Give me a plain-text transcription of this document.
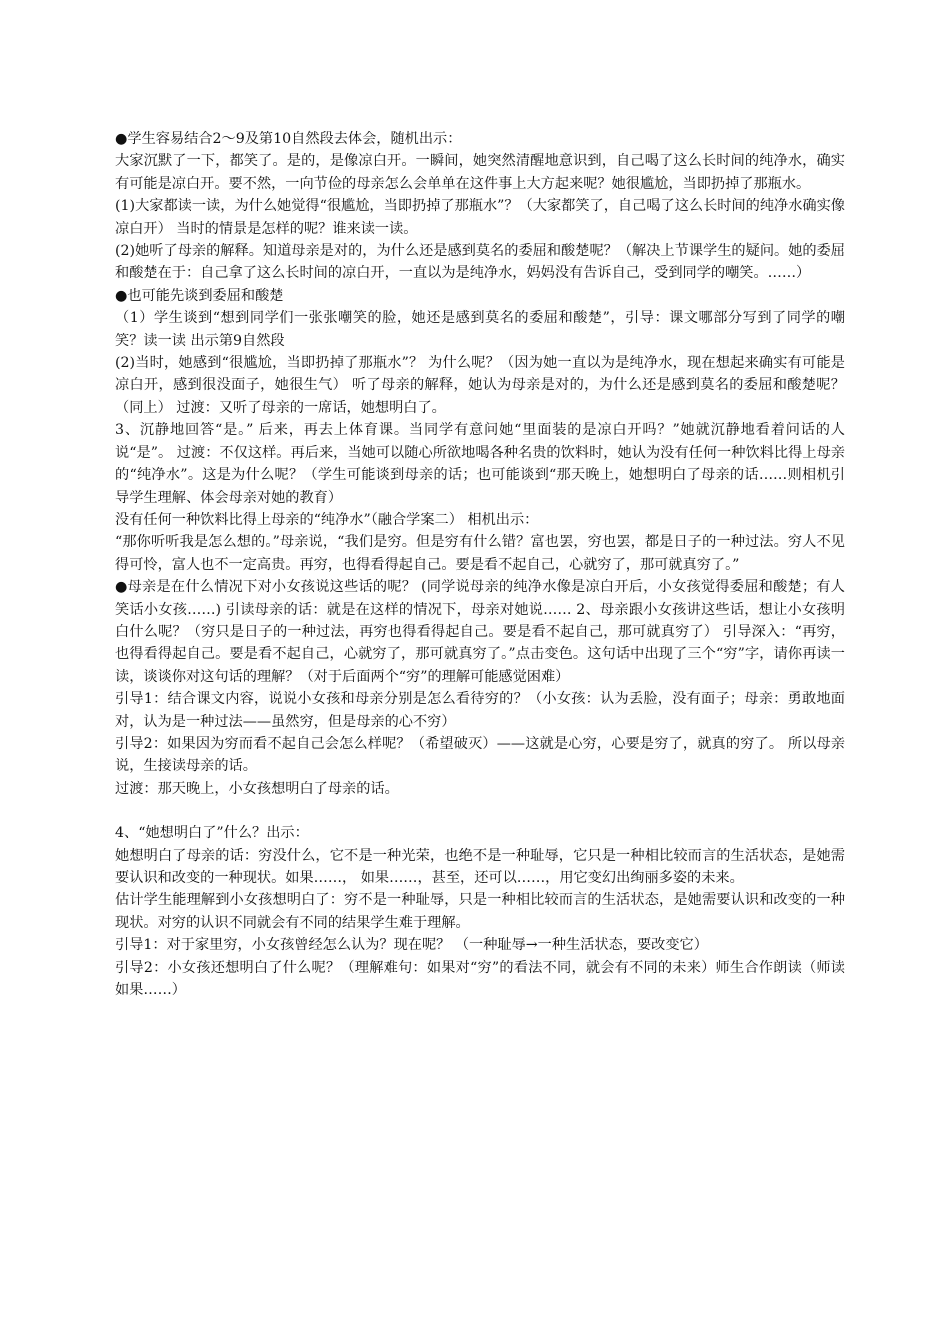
●学生容易结合2～9及第10自然段去体会，随机出示：

大家沉默了一下，都笑了。是的，是像凉白开。一瞬间，她突然清醒地意识到，自己喝了这么长时间的纯净水，确实有可能是凉白开。要不然，一向节俭的母亲怎么会单单在这件事上大方起来呢？她很尴尬，当即扔掉了那瓶水。

(1)大家都读一读，为什么她觉得“很尴尬，当即扔掉了那瓶水”？（大家都笑了，自己喝了这么长时间的纯净水确实像凉白开） 当时的情景是怎样的呢？谁来读一读。

(2)她听了母亲的解释。知道母亲是对的，为什么还是感到莫名的委屈和酸楚呢？（解决上节课学生的疑问。她的委屈和酸楚在于：自己拿了这么长时间的凉白开，一直以为是纯净水，妈妈没有告诉自己，受到同学的嘲笑。……）

●也可能先谈到委屈和酸楚

（1）学生谈到“想到同学们一张张嘲笑的脸，她还是感到莫名的委屈和酸楚”，引导：课文哪部分写到了同学的嘲笑？读一读 出示第9自然段

(2)当时，她感到“很尴尬，当即扔掉了那瓶水”？ 为什么呢？（因为她一直以为是纯净水，现在想起来确实有可能是凉白开，感到很没面子，她很生气） 听了母亲的解释，她认为母亲是对的，为什么还是感到莫名的委屈和酸楚呢？（同上） 过渡：又听了母亲的一席话，她想明白了。

3、沉静地回答“是。” 后来，再去上体育课。当同学有意问她“里面装的是凉白开吗？”她就沉静地看着问话的人说“是”。 过渡：不仅这样。再后来，当她可以随心所欲地喝各种名贵的饮料时，她认为没有任何一种饮料比得上母亲的“纯净水”。这是为什么呢？（学生可能谈到母亲的话；也可能谈到“那天晚上，她想明白了母亲的话……则相机引导学生理解、体会母亲对她的教育）

没有任何一种饮料比得上母亲的“纯净水”（融合学案二） 相机出示：

“那你听听我是怎么想的。”母亲说，“我们是穷。但是穷有什么错？富也罢，穷也罢，都是日子的一种过法。穷人不见得可怜，富人也不一定高贵。再穷，也得看得起自己。要是看不起自己，心就穷了，那可就真穷了。”

●母亲是在什么情况下对小女孩说这些话的呢？ (同学说母亲的纯净水像是凉白开后，小女孩觉得委屈和酸楚；有人笑话小女孩……) 引读母亲的话：就是在这样的情况下，母亲对她说…… 2、母亲跟小女孩讲这些话，想让小女孩明白什么呢？（穷只是日子的一种过法，再穷也得看得起自己。要是看不起自己，那可就真穷了） 引导深入：“再穷，也得看得起自己。要是看不起自己，心就穷了，那可就真穷了。”点击变色。这句话中出现了三个“穷”字，请你再读一读，谈谈你对这句话的理解？（对于后面两个“穷”的理解可能感觉困难）

引导1：结合课文内容，说说小女孩和母亲分别是怎么看待穷的？（小女孩：认为丢脸，没有面子；母亲：勇敢地面对，认为是一种过法——虽然穷，但是母亲的心不穷）

引导2：如果因为穷而看不起自己会怎么样呢？（希望破灭）——这就是心穷，心要是穷了，就真的穷了。 所以母亲说，生接读母亲的话。

过渡：那天晚上，小女孩想明白了母亲的话。

4、“她想明白了”什么？出示：

她想明白了母亲的话：穷没什么，它不是一种光荣，也绝不是一种耻辱，它只是一种相比较而言的生活状态，是她需要认识和改变的一种现状。如果……， 如果……，甚至，还可以……，用它变幻出绚丽多姿的未来。

估计学生能理解到小女孩想明白了：穷不是一种耻辱，只是一种相比较而言的生活状态，是她需要认识和改变的一种现状。对穷的认识不同就会有不同的结果学生难于理解。

引导1：对于家里穷，小女孩曾经怎么认为？现在呢？ （一种耻辱→一种生活状态，要改变它）

引导2：小女孩还想明白了什么呢？（理解难句：如果对“穷”的看法不同，就会有不同的未来）师生合作朗读（师读如果……）
